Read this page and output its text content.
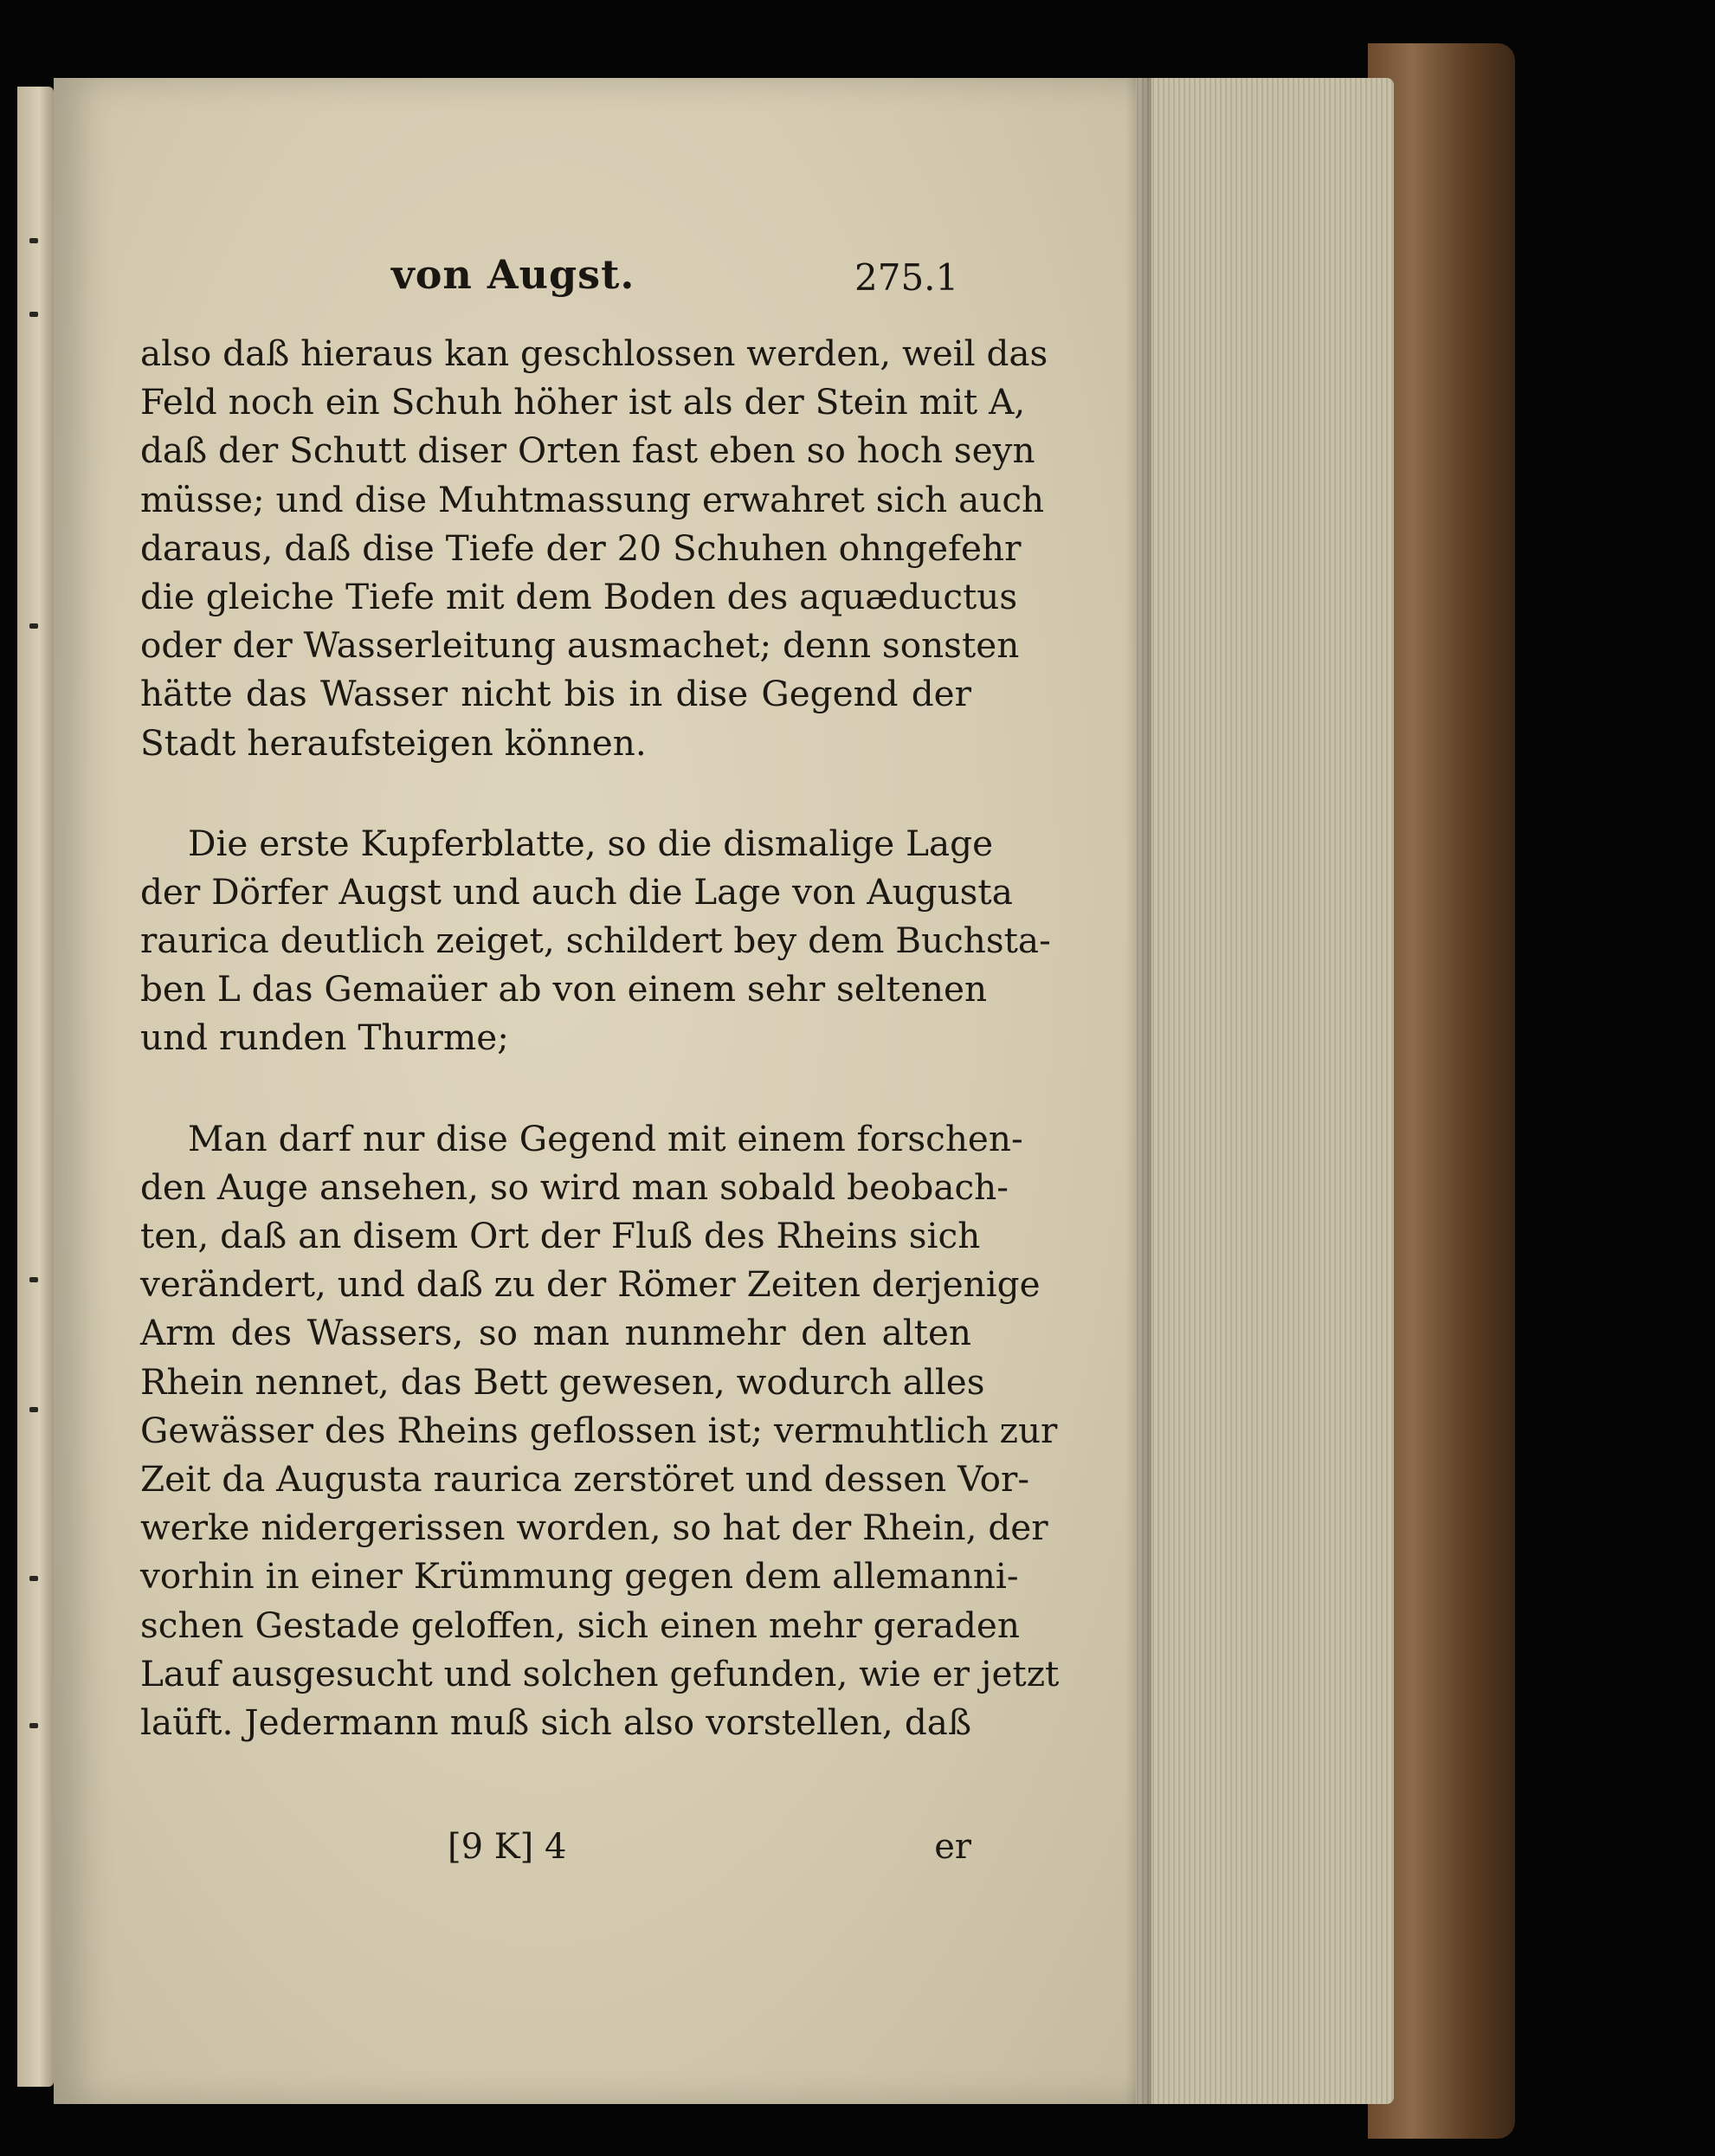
von Augst.	275.1
also daß hieraus kan geschlossen werden, weil das
Feld noch ein Schuh höher ist als der Stein mit A,
daß der Schutt diser Orten fast eben so hoch seyn
müsse; und dise Muhtmassung erwahret sich auch
daraus, daß dise Tiefe der 20 Schuhen ohngefehr
die gleiche Tiefe mit dem Boden des aquæductus
oder der Wasserleitung ausmachet; denn sonsten
hätte das Wasser nicht bis in dise Gegend der
Stadt heraufsteigen können.
Die erste Kupferblatte, so die dismalige Lage
der Dörfer Augst und auch die Lage von Augusta
raurica deutlich zeiget, schildert bey dem Buchsta-
ben L das Gemaüer ab von einem sehr seltenen
und runden Thurme;
Man darf nur dise Gegend mit einem forschen-
den Auge ansehen, so wird man sobald beobach-
ten, daß an disem Ort der Fluß des Rheins sich
verändert, und daß zu der Römer Zeiten derjenige
Arm des Wassers, so man nunmehr den alten
Rhein nennet, das Bett gewesen, wodurch alles
Gewässer des Rheins geflossen ist; vermuhtlich zur
Zeit da Augusta raurica zerstöret und dessen Vor-
werke nidergerissen worden, so hat der Rhein, der
vorhin in einer Krümmung gegen dem allemanni-
schen Gestade geloffen, sich einen mehr geraden
Lauf ausgesucht und solchen gefunden, wie er jetzt
laüft. Jedermann muß sich also vorstellen, daß
[9 K] 4	er
